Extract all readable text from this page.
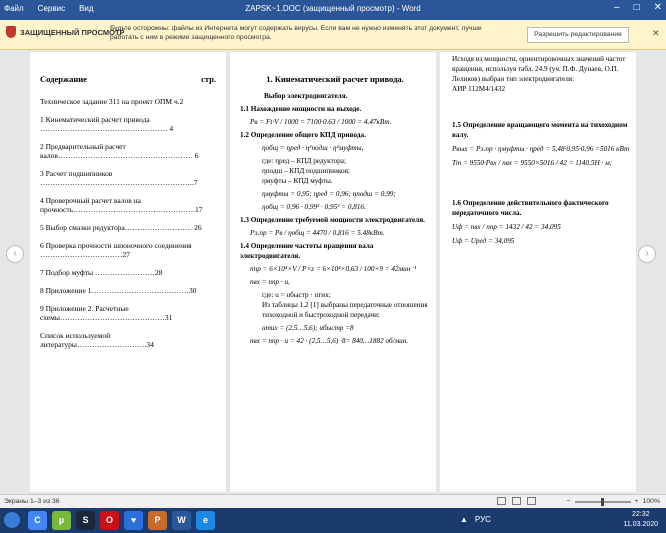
Файл Сервис Вид	ZAPSK~1.DOC (защищенный просмотр) - Word	– □ ✕
ЗАЩИЩЕННЫЙ ПРОСМОТР
Будьте осторожны: файлы из Интернета могут содержать вирусы. Если вам не нужно изменять этот документ, лучше работать с ним в режиме защищенного просмотра.	Разрешить редактирование	✕
‹
Содержание	стр.
Техническое задание 311 на проект ОПМ ч.2
1 Кинематический расчет привода …………………………………………… 4
2 Предварительный расчет валов……………………………………………… 6
3 Расчет подшипников ……………………………………………………..7
4 Проверочный расчет валов на прочность………………………………………….17
5 Выбор смазки редуктора……………………… 26
6 Проверка прочности шпоночного соединения ……………………………27
7 Подбор муфты ……………………28
8 Приложение 1…………………………………30
9 Приложение 2. Расчетные схемы……………………………………31
Список используемой литературы……………………….34
1. Кинематический расчет привода.
Выбор электродвигателя.
1.1 Нахождение мощности на выходе.
Pв = Ft·V / 1000 = 7100·0.63 / 1000 = 4.47кВт.
1.2 Определение общего КПД привода.
ηобщ = ηред · η²подш · η²муфты,
где: ηред – КПД редуктора;
ηподш – КПД подшипников;
ηмуфты – КПД муфты.
ηмуфты = 0,95; ηред = 0,96; ηподш = 0,99;
ηобщ = 0,96 · 0,99² · 0,95² = 0,816.
1.3 Определение требуемой мощности электродвигателя.
Pэ.пр = Pв / ηобщ = 4470 / 0,816 = 5.48кВт.
1.4 Определение частоты вращения вала электродвигателя.
nпр = 6×10⁴×V / P×z = 6×10⁴×0,63 / 100×9 = 42мин⁻¹
nвх = nпр · u,
где: u = uбыстр · uтих;
Из таблицы 1.2 [1] выбраны передаточные отношения тихоходной и быстроходной передачи:
uтих = (2,5…5,6); uбыстр =8
nвх = nпр · u = 42 · (2,5…5,6) ·8= 840…1882 об/мин.
Исходя из мощности, ориентировочных значений частот вращения, используя табл. 24.9 (уч. П.Ф. Дунаев, О.П. Леликов) выбран тип электродвигателя:
АИР 112М4/1432
1.5 Определение вращающего момента на тихоходном валу.
Pвых = Pэ.пр · ηмуфты · ηред = 5,48·0,95·0,96 =5016 кВт
Tт = 9550·Pвх / nвх = 9550×5016 / 42 = 1140,5Н · м;
1.6 Определение действительного фактического передаточного числа.
Uф = nвх / nпр = 1432 / 42 = 34,095
Uф = Uред = 34,095
›
Экраны 1–3 из 36	−	+ 100%
C	µ	S	O	♥	P	W	e	▲ РУС
22:32
11.03.2020
